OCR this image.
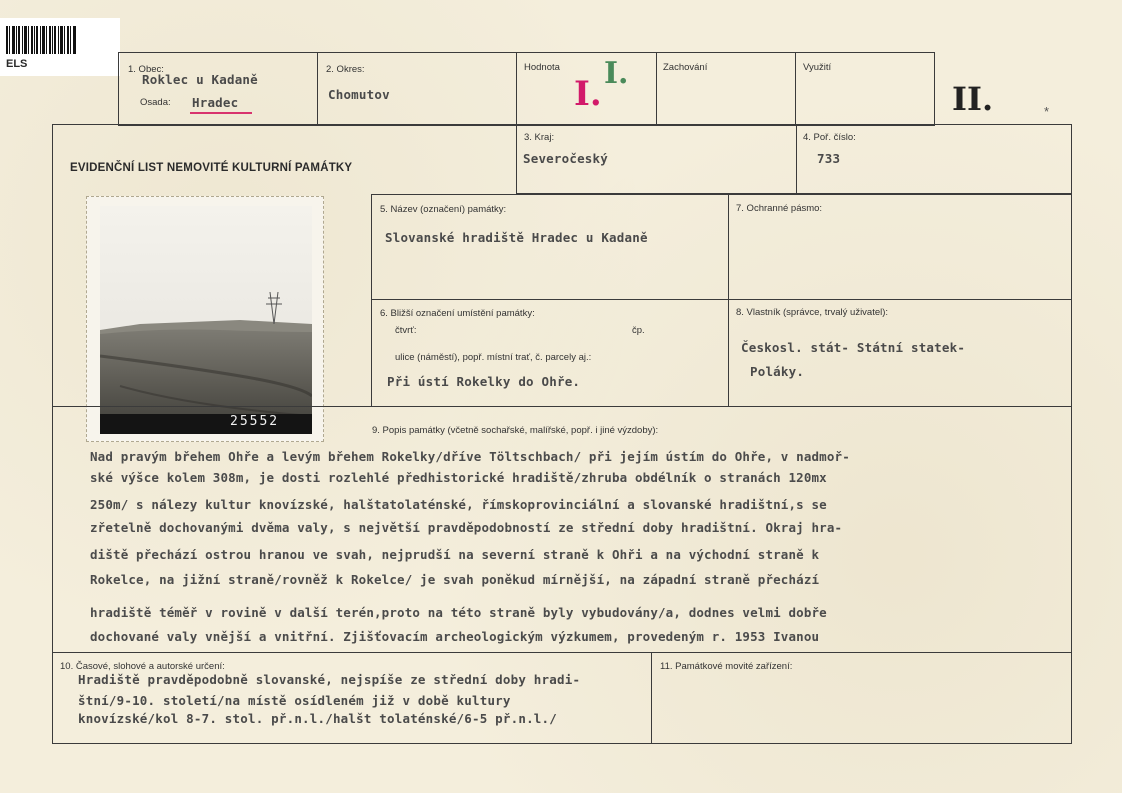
ELS	1. Obec:
Roklec u Kadaně
Osada: Hradec
2. Okres:
Chomutov
Hodnota
I.
I.	Zachování	Využití
II.	*
EVIDENČNÍ LIST NEMOVITÉ KULTURNÍ PAMÁTKY
3. Kraj:
Severočeský
4. Poř. číslo:
733
25552
5. Název (označení) památky:
Slovanské hradiště Hradec u Kadaně
7. Ochranné pásmo:
6. Bližší označení umístění památky:
čtvrť:	čp.
ulice (náměstí), popř. místní trať, č. parcely aj.:
Při ústí Rokelky do Ohře.
8. Vlastník (správce, trvalý uživatel):
Českosl. stát- Státní statek-
Poláky.
9. Popis památky (včetně sochařské, malířské, popř. i jiné výzdoby):
Nad pravým břehem Ohře a levým břehem Rokelky/dříve Töltschbach/ při jejím ústím do Ohře, v nadmoř-
ské výšce kolem 308m, je dosti rozlehlé předhistorické hradiště/zhruba obdélník o stranách 120mx
250m/ s nálezy kultur knovízské, halštatolaténské, římskoprovinciální a slovanské hradištní,s se
zřetelně dochovanými dvěma valy, s největší pravděpodobností ze střední doby hradištní. Okraj hra-
diště přechází ostrou hranou ve svah, nejprudší na severní straně k Ohři a na východní straně k
Rokelce, na jižní straně/rovněž k Rokelce/ je svah poněkud mírnější, na západní straně přechází
hradiště téměř v rovině v další terén,proto na této straně byly vybudovány/a, dodnes velmi dobře
dochované valy vnější a vnitřní. Zjišťovacím archeologickým výzkumem, provedeným r. 1953 Ivanou
10. Časové, slohové a autorské určení:
Hradiště pravděpodobně slovanské, nejspíše ze střední doby hradi-
štní/9-10. století/na místě osídleném již v době kultury
knovízské/kol 8-7. stol. př.n.l./halšt tolaténské/6-5 př.n.l./
11. Památkové movité zařízení:
